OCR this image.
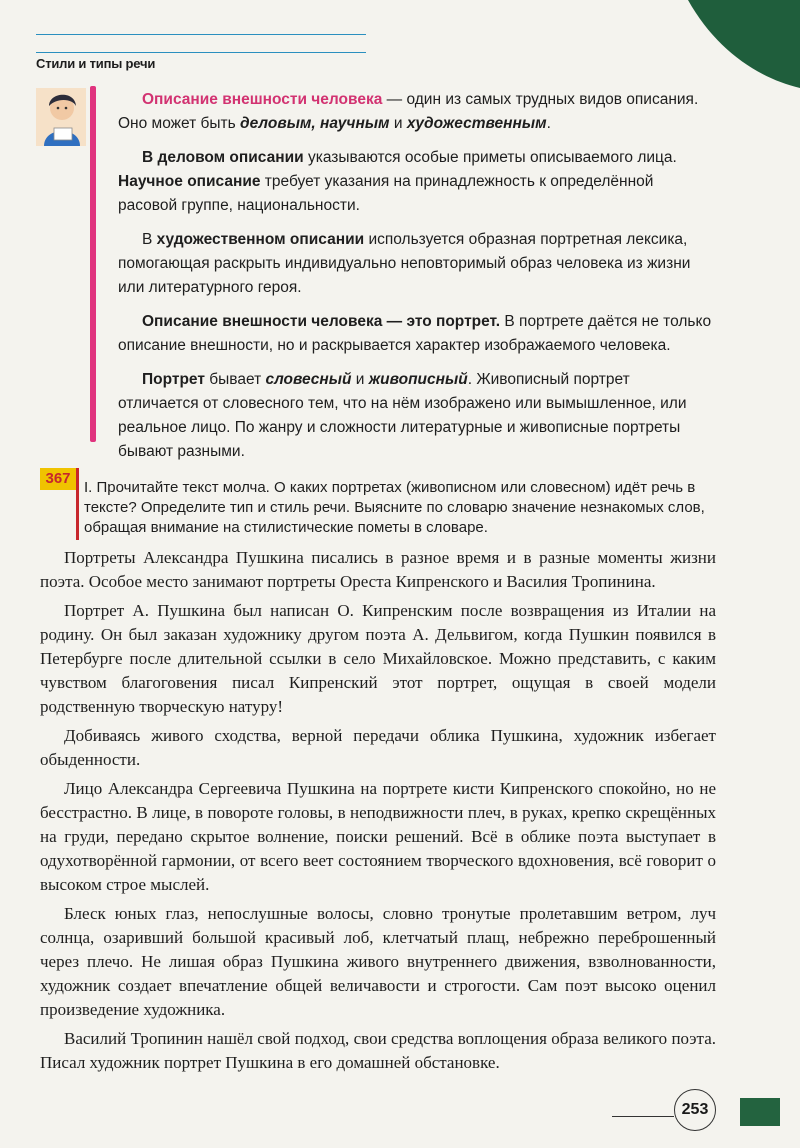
Стили и типы речи

Описание внешности человека — один из самых трудных видов описания. Оно может быть деловым, научным и художественным.

В деловом описании указываются особые приметы описываемого лица. Научное описание требует указания на принадлежность к определённой расовой группе, национальности.

В художественном описании используется образная портретная лексика, помогающая раскрыть индивидуально неповторимый образ человека из жизни или литературного героя.

Описание внешности человека — это портрет. В портрете даётся не только описание внешности, но и раскрывается характер изображаемого человека.

Портрет бывает словесный и живописный. Живописный портрет отличается от словесного тем, что на нём изображено или вымышленное, или реальное лицо. По жанру и сложности литературные и живописные портреты бывают разными.

367

I. Прочитайте текст молча. О каких портретах (живописном или словесном) идёт речь в тексте? Определите тип и стиль речи. Выясните по словарю значение незнакомых слов, обращая внимание на стилистические пометы в словаре.

Портреты Александра Пушкина писались в разное время и в разные моменты жизни поэта. Особое место занимают портреты Ореста Кипренского и Василия Тропинина.

Портрет А. Пушкина был написан О. Кипренским после возвращения из Италии на родину. Он был заказан художнику другом поэта А. Дельвигом, когда Пушкин появился в Петербурге после длительной ссылки в село Михайловское. Можно представить, с каким чувством благоговения писал Кипренский этот портрет, ощущая в своей модели родственную творческую натуру!

Добиваясь живого сходства, верной передачи облика Пушкина, художник избегает обыденности.

Лицо Александра Сергеевича Пушкина на портрете кисти Кипренского спокойно, но не бесстрастно. В лице, в повороте головы, в неподвижности плеч, в руках, крепко скрещённых на груди, передано скрытое волнение, поиски решений. Всё в облике поэта выступает в одухотворённой гармонии, от всего веет состоянием творческого вдохновения, всё говорит о высоком строе мыслей.

Блеск юных глаз, непослушные волосы, словно тронутые пролетавшим ветром, луч солнца, озаривший большой красивый лоб, клетчатый плащ, небрежно переброшенный через плечо. Не лишая образ Пушкина живого внутреннего движения, взволнованности, художник создает впечатление общей величавости и строгости. Сам поэт высоко оценил произведение художника.

Василий Тропинин нашёл свой подход, свои средства воплощения образа великого поэта. Писал художник портрет Пушкина в его домашней обстановке.

253
